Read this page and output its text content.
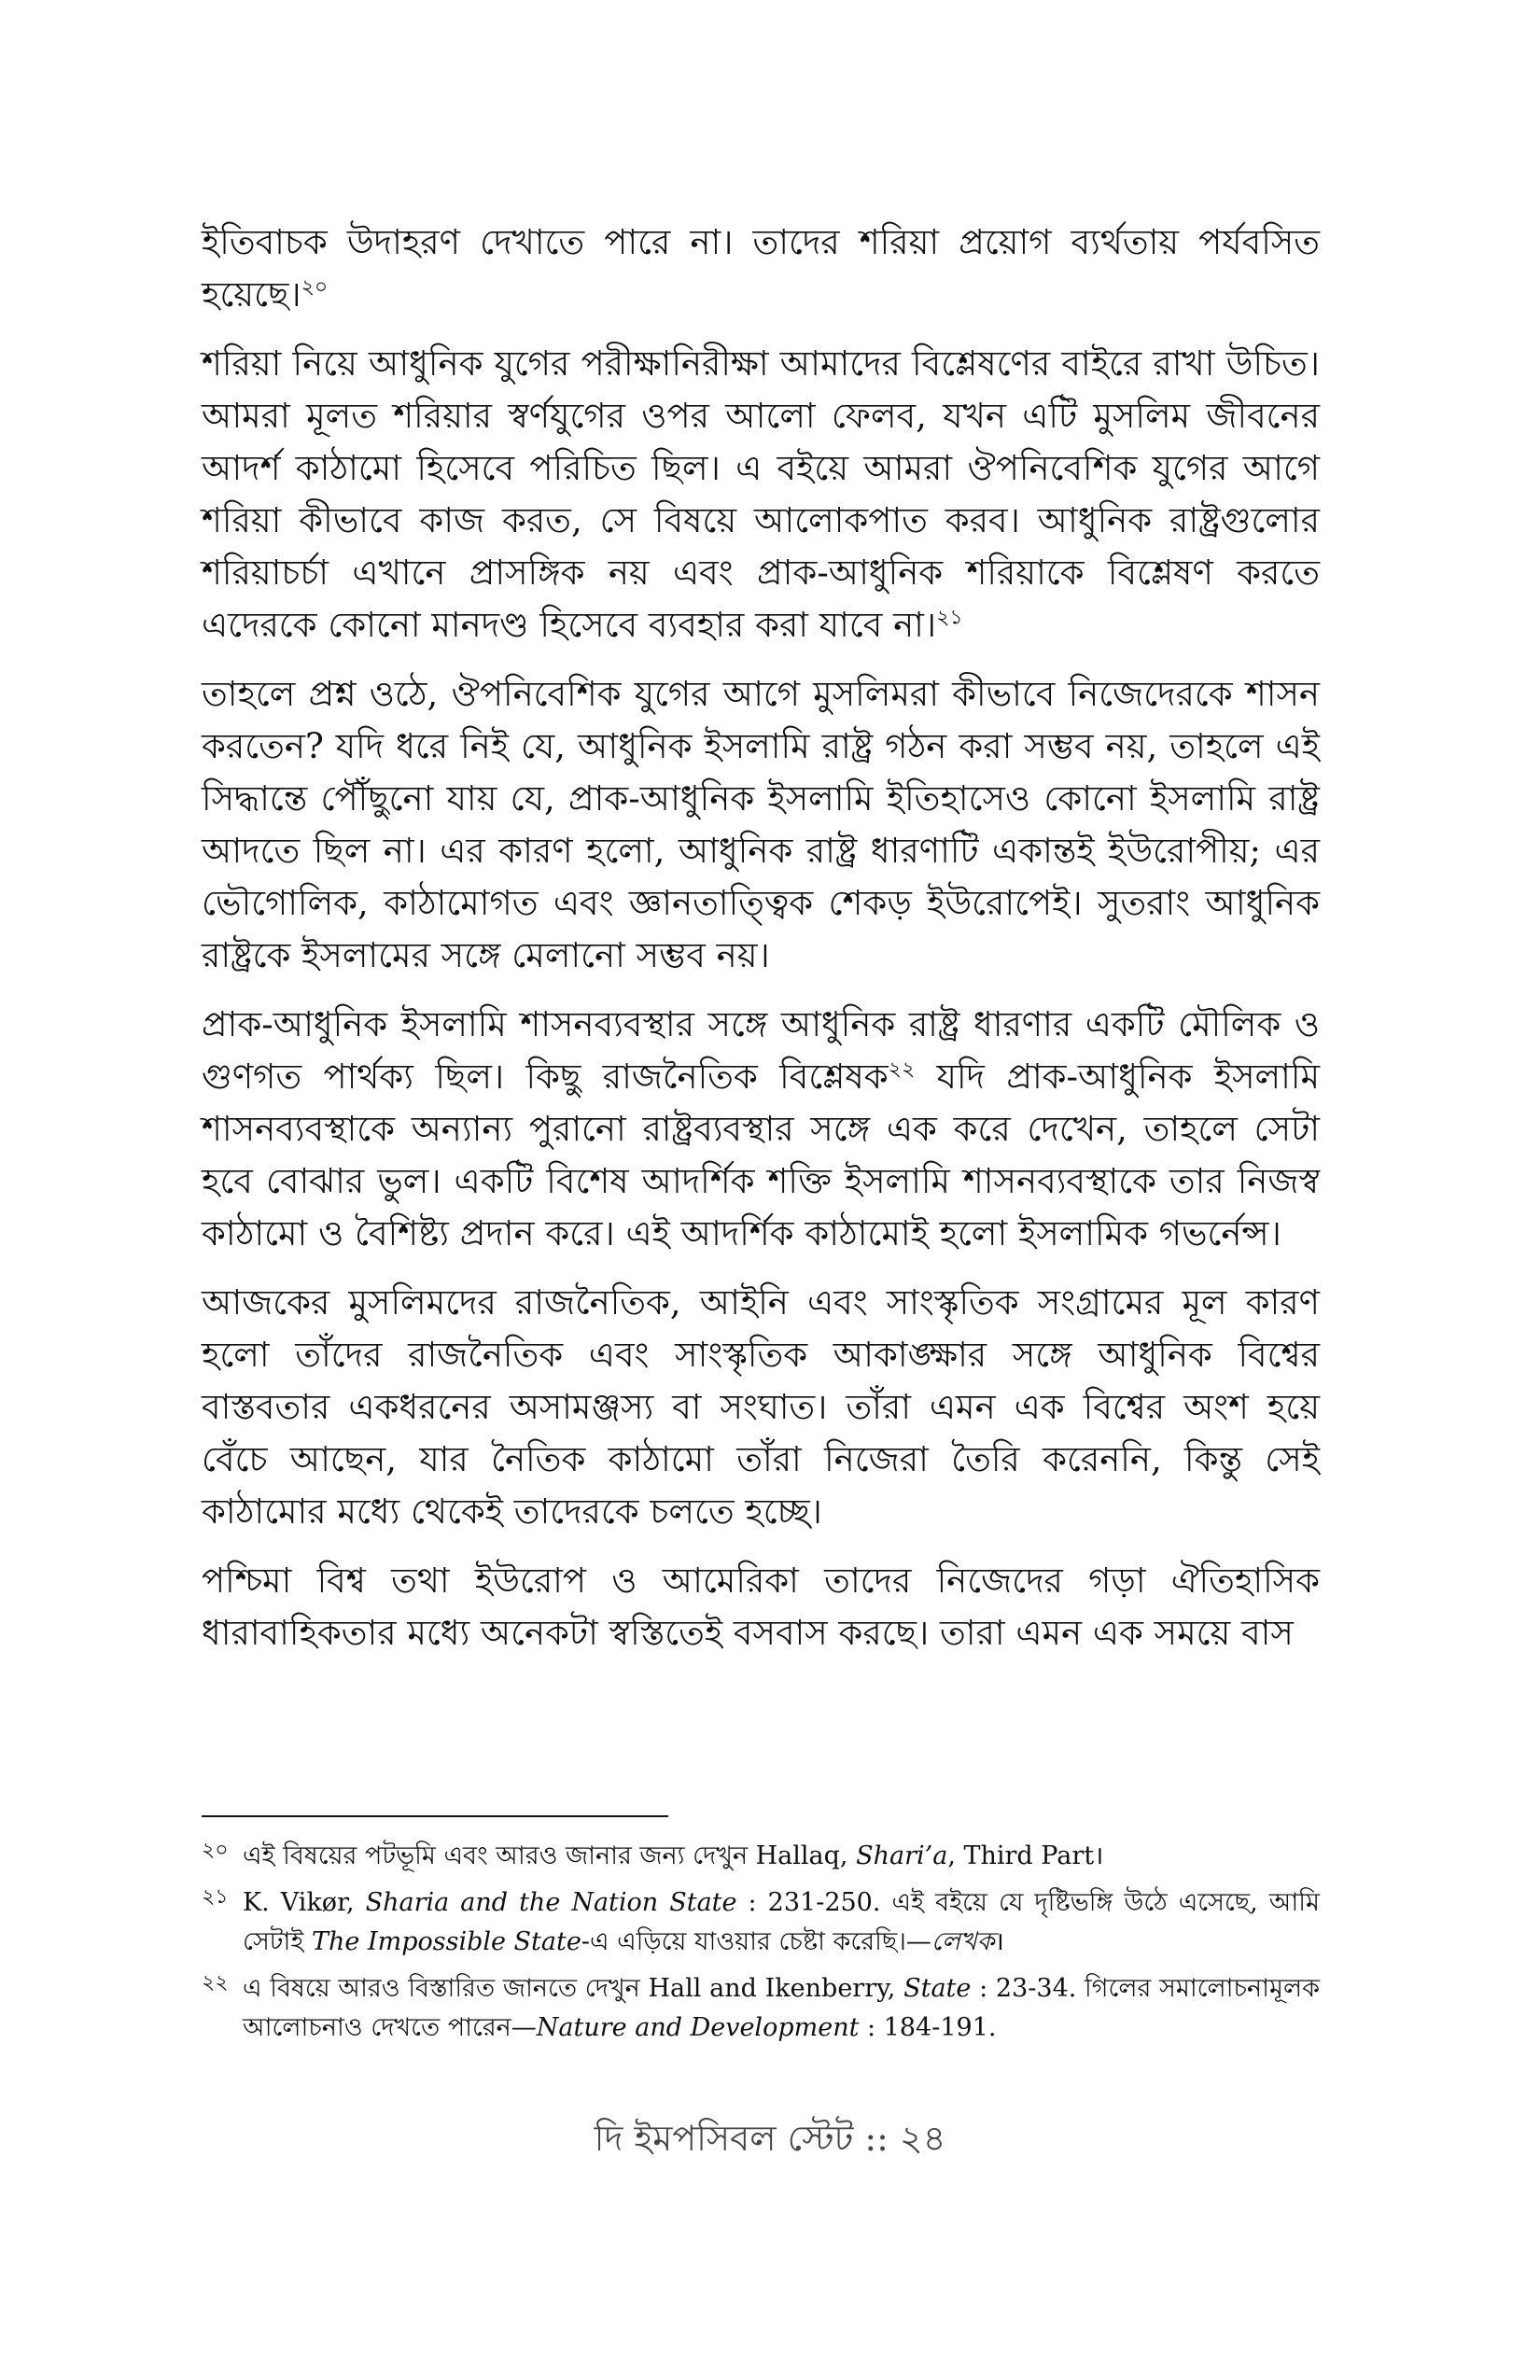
ইতিবাচক উদাহরণ দেখাতে পারে না। তাদের শরিয়া প্রয়োগ ব্যর্থতায় পর্যবসিত হয়েছে।$^{২০}$

শরিয়া নিয়ে আধুনিক যুগের পরীক্ষানিরীক্ষা আমাদের বিশ্লেষণের বাইরে রাখা উচিত। আমরা মূলত শরিয়ার স্বর্ণযুগের ওপর আলো ফেলব, যখন এটি মুসলিম জীবনের আদর্শ কাঠামো হিসেবে পরিচিত ছিল। এ বইয়ে আমরা ঔপনিবেশিক যুগের আগে শরিয়া কীভাবে কাজ করত, সে বিষয়ে আলোকপাত করব। আধুনিক রাষ্ট্রগুলোর শরিয়াচর্চা এখানে প্রাসঙ্গিক নয় এবং প্রাক-আধুনিক শরিয়াকে বিশ্লেষণ করতে এদেরকে কোনো মানদণ্ড হিসেবে ব্যবহার করা যাবে না।$^{২১}$

তাহলে প্রশ্ন ওঠে, ঔপনিবেশিক যুগের আগে মুসলিমরা কীভাবে নিজেদেরকে শাসন করতেন? যদি ধরে নিই যে, আধুনিক ইসলামি রাষ্ট্র গঠন করা সম্ভব নয়, তাহলে এই সিদ্ধান্তে পৌঁছুনো যায় যে, প্রাক-আধুনিক ইসলামি ইতিহাসেও কোনো ইসলামি রাষ্ট্র আদতে ছিল না। এর কারণ হলো, আধুনিক রাষ্ট্র ধারণাটি একান্তই ইউরোপীয়; এর ভৌগোলিক, কাঠামোগত এবং জ্ঞানতাত্ত্বিক শেকড় ইউরোপেই। সুতরাং আধুনিক রাষ্ট্রকে ইসলামের সঙ্গে মেলানো সম্ভব নয়।

প্রাক-আধুনিক ইসলামি শাসনব্যবস্থার সঙ্গে আধুনিক রাষ্ট্র ধারণার একটি মৌলিক ও গুণগত পার্থক্য ছিল। কিছু রাজনৈতিক বিশ্লেষক$^{২২}$ যদি প্রাক-আধুনিক ইসলামি শাসনব্যবস্থাকে অন্যান্য পুরানো রাষ্ট্রব্যবস্থার সঙ্গে এক করে দেখেন, তাহলে সেটা হবে বোঝার ভুল। একটি বিশেষ আদর্শিক শক্তি ইসলামি শাসনব্যবস্থাকে তার নিজস্ব কাঠামো ও বৈশিষ্ট্য প্রদান করে। এই আদর্শিক কাঠামোই হলো ইসলামিক গভর্নেন্স।

আজকের মুসলিমদের রাজনৈতিক, আইনি এবং সাংস্কৃতিক সংগ্রামের মূল কারণ হলো তাঁদের রাজনৈতিক এবং সাংস্কৃতিক আকাঙ্ক্ষার সঙ্গে আধুনিক বিশ্বের বাস্তবতার একধরনের অসামঞ্জস্য বা সংঘাত। তাঁরা এমন এক বিশ্বের অংশ হয়ে বেঁচে আছেন, যার নৈতিক কাঠামো তাঁরা নিজেরা তৈরি করেননি, কিন্তু সেই কাঠামোর মধ্যে থেকেই তাদেরকে চলতে হচ্ছে।

পশ্চিমা বিশ্ব তথা ইউরোপ ও আমেরিকা তাদের নিজেদের গড়া ঐতিহাসিক ধারাবাহিকতার মধ্যে অনেকটা স্বস্তিতেই বসবাস করছে। তারা এমন এক সময়ে বাস

২০ এই বিষয়ের পটভূমি এবং আরও জানার জন্য দেখুন Hallaq, Shari’a, Third Part।
২১ K. Vikør, Sharia and the Nation State : 231-250. এই বইয়ে যে দৃষ্টিভঙ্গি উঠে এসেছে, আমি সেটাই The Impossible State-এ এড়িয়ে যাওয়ার চেষ্টা করেছি।—লেখক।
২২ এ বিষয়ে আরও বিস্তারিত জানতে দেখুন Hall and Ikenberry, State : 23-34. গিলের সমালোচনামূলক আলোচনাও দেখতে পারেন—Nature and Development : 184-191.
দি ইমপসিবল স্টেট :: ২৪
